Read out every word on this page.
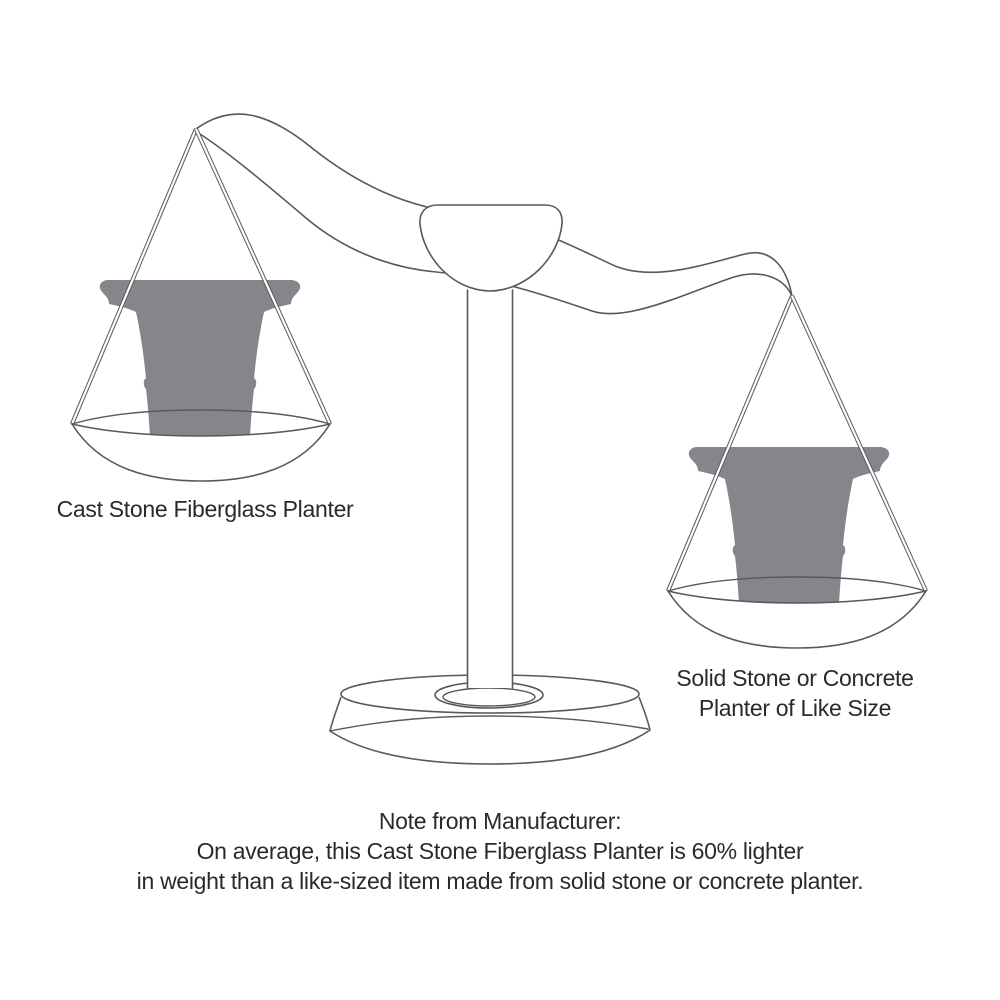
Cast Stone Fiberglass Planter
Solid Stone or Concrete
Planter of Like Size
Note from Manufacturer:
On average, this Cast Stone Fiberglass Planter is 60% lighter
in weight than a like-sized item made from solid stone or concrete planter.
